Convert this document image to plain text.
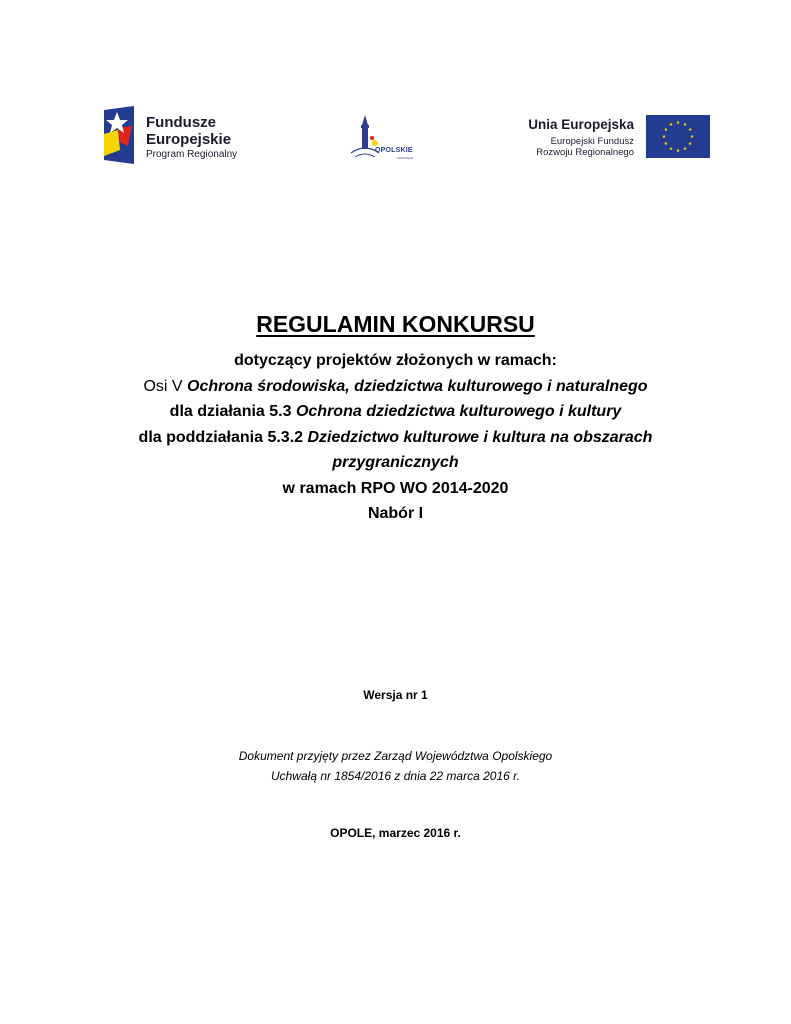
Fundusze
Europejskie
Program Regionalny	OPOLSKIE
KWITNĄCE
Unia Europejska
Europejski Fundusz
Rozwoju Regionalnego
REGULAMIN KONKURSU
dotyczący projektów złożonych w ramach:
Osi V Ochrona środowiska, dziedzictwa kulturowego i naturalnego
dla działania 5.3 Ochrona dziedzictwa kulturowego i kultury
dla poddziałania 5.3.2 Dziedzictwo kulturowe i kultura na obszarach
przygranicznych
w ramach RPO WO 2014-2020
Nabór I
Wersja nr 1
Dokument przyjęty przez Zarząd Województwa Opolskiego
Uchwałą nr 1854/2016 z dnia 22 marca 2016 r.
OPOLE, marzec 2016 r.
